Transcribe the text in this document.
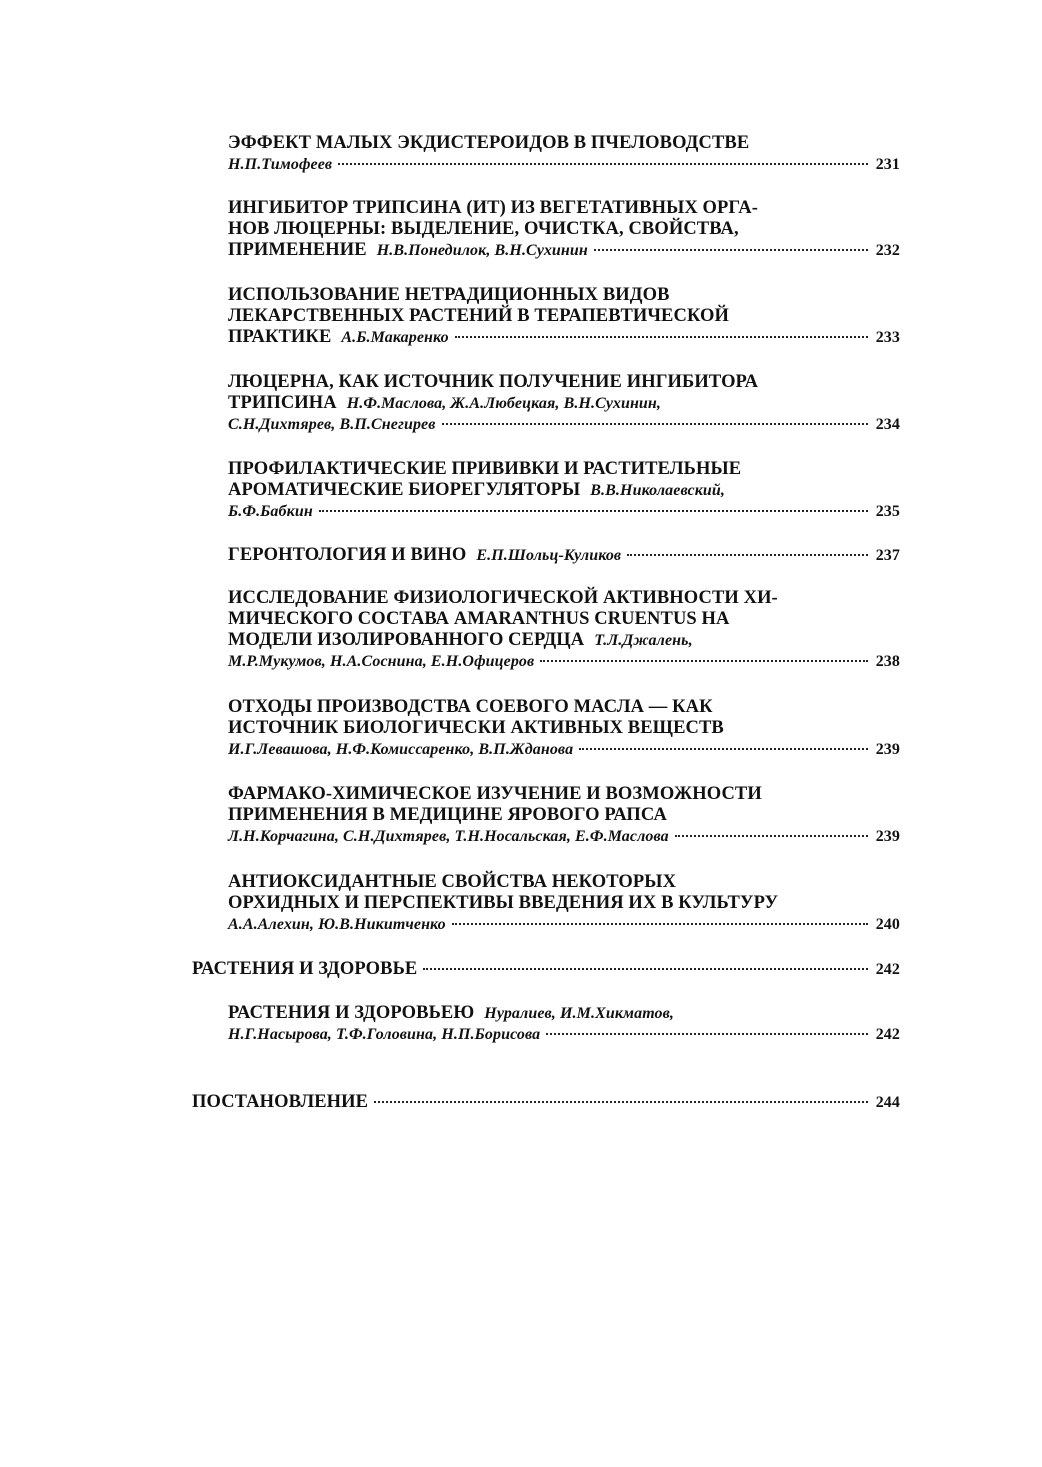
ЭФФЕКТ МАЛЫХ ЭКДИСТЕРОИДОВ В ПЧЕЛОВОДСТВЕ
Н.П.Тимофеев	231
ИНГИБИТОР ТРИПСИНА (ИТ) ИЗ ВЕГЕТАТИВНЫХ ОРГА-
НОВ ЛЮЦЕРНЫ: ВЫДЕЛЕНИЕ, ОЧИСТКА, СВОЙСТВА,
ПРИМЕНЕНИЕ Н.В.Понедилок, В.Н.Сухинин	232
ИСПОЛЬЗОВАНИЕ НЕТРАДИЦИОННЫХ ВИДОВ
ЛЕКАРСТВЕННЫХ РАСТЕНИЙ В ТЕРАПЕВТИЧЕСКОЙ
ПРАКТИКЕ А.Б.Макаренко	233
ЛЮЦЕРНА, КАК ИСТОЧНИК ПОЛУЧЕНИЕ ИНГИБИТОРА
ТРИПСИНА Н.Ф.Маслова, Ж.А.Любецкая, В.Н.Сухинин,
С.Н.Дихтярев, В.П.Снегирев	234
ПРОФИЛАКТИЧЕСКИЕ ПРИВИВКИ И РАСТИТЕЛЬНЫЕ
АРОМАТИЧЕСКИЕ БИОРЕГУЛЯТОРЫ В.В.Николаевский,
Б.Ф.Бабкин	235
ГЕРОНТОЛОГИЯ И ВИНО Е.П.Шольц-Куликов	237
ИССЛЕДОВАНИЕ ФИЗИОЛОГИЧЕСКОЙ АКТИВНОСТИ ХИ-
МИЧЕСКОГО СОСТАВА AMARANTHUS CRUENTUS НА
МОДЕЛИ ИЗОЛИРОВАННОГО СЕРДЦА Т.Л.Джалень,
М.Р.Мукумов, Н.А.Соснина, Е.Н.Офицеров	238
ОТХОДЫ ПРОИЗВОДСТВА СОЕВОГО МАСЛА — КАК
ИСТОЧНИК БИОЛОГИЧЕСКИ АКТИВНЫХ ВЕЩЕСТВ
И.Г.Левашова, Н.Ф.Комиссаренко, В.П.Жданова	239
ФАРМАКО-ХИМИЧЕСКОЕ ИЗУЧЕНИЕ И ВОЗМОЖНОСТИ
ПРИМЕНЕНИЯ В МЕДИЦИНЕ ЯРОВОГО РАПСА
Л.Н.Корчагина, С.Н.Дихтярев, Т.Н.Носальская, Е.Ф.Маслова	239
АНТИОКСИДАНТНЫЕ СВОЙСТВА НЕКОТОРЫХ
ОРХИДНЫХ И ПЕРСПЕКТИВЫ ВВЕДЕНИЯ ИХ В КУЛЬТУРУ
А.А.Алехин, Ю.В.Никитченко	240
РАСТЕНИЯ И ЗДОРОВЬЕ	242
РАСТЕНИЯ И ЗДОРОВЬЕЮ Нуралиев, И.М.Хикматов,
Н.Г.Насырова, Т.Ф.Головина, Н.П.Борисова	242
ПОСТАНОВЛЕНИЕ	244
